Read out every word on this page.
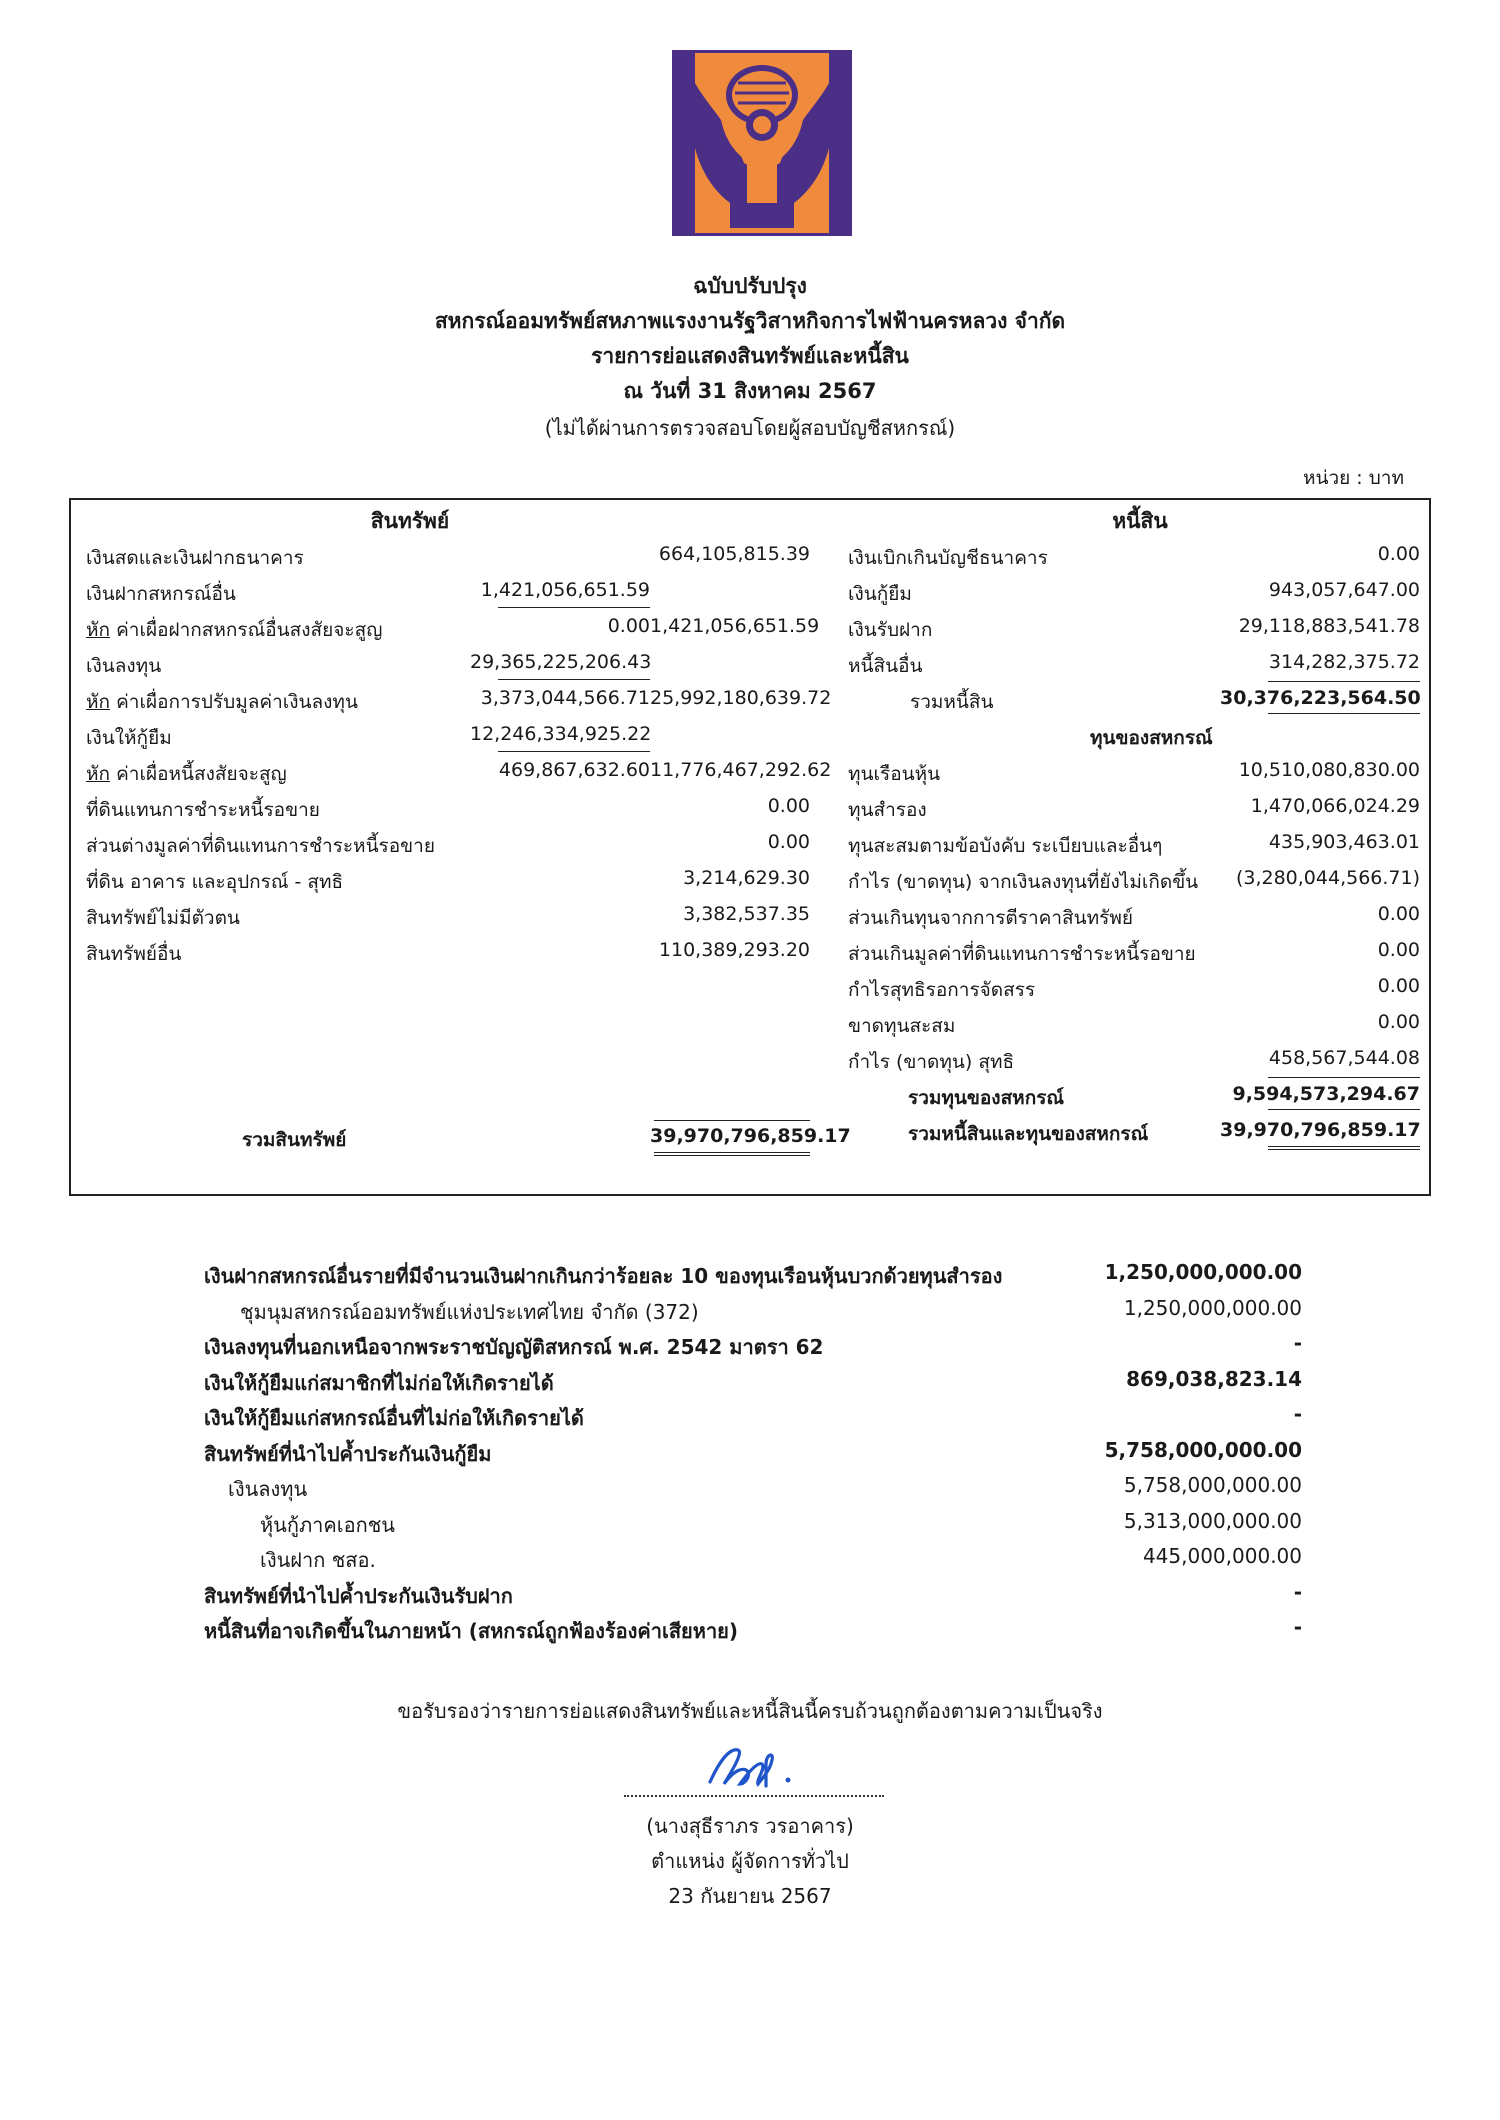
ฉบับปรับปรุง
สหกรณ์ออมทรัพย์สหภาพแรงงานรัฐวิสาหกิจการไฟฟ้านครหลวง จำกัด
รายการย่อแสดงสินทรัพย์และหนี้สิน
ณ วันที่ 31 สิงหาคม 2567
(ไม่ได้ผ่านการตรวจสอบโดยผู้สอบบัญชีสหกรณ์)
หน่วย : บาท
สินทรัพย์	หนี้สิน
เงินสดและเงินฝากธนาคาร	664,105,815.39
เงินฝากสหกรณ์อื่น	1,421,056,651.59
หัก ค่าเผื่อฝากสหกรณ์อื่นสงสัยจะสูญ	0.00 1,421,056,651.59
เงินลงทุน	29,365,225,206.43
หัก ค่าเผื่อการปรับมูลค่าเงินลงทุน	3,373,044,566.71 25,992,180,639.72
เงินให้กู้ยืม	12,246,334,925.22
หัก ค่าเผื่อหนี้สงสัยจะสูญ	469,867,632.60 11,776,467,292.62
ที่ดินแทนการชำระหนี้รอขาย	0.00
ส่วนต่างมูลค่าที่ดินแทนการชำระหนี้รอขาย	0.00
ที่ดิน อาคาร และอุปกรณ์ - สุทธิ	3,214,629.30
สินทรัพย์ไม่มีตัวตน	3,382,537.35
สินทรัพย์อื่น	110,389,293.20
รวมสินทรัพย์	39,970,796,859.17
เงินเบิกเกินบัญชีธนาคาร	0.00
เงินกู้ยืม	943,057,647.00
เงินรับฝาก	29,118,883,541.78
หนี้สินอื่น	314,282,375.72
รวมหนี้สิน	30,376,223,564.50
ทุนของสหกรณ์
ทุนเรือนหุ้น	10,510,080,830.00
ทุนสำรอง	1,470,066,024.29
ทุนสะสมตามข้อบังคับ ระเบียบและอื่นๆ	435,903,463.01
กำไร (ขาดทุน) จากเงินลงทุนที่ยังไม่เกิดขึ้น	(3,280,044,566.71)
ส่วนเกินทุนจากการตีราคาสินทรัพย์	0.00
ส่วนเกินมูลค่าที่ดินแทนการชำระหนี้รอขาย	0.00
กำไรสุทธิรอการจัดสรร	0.00
ขาดทุนสะสม	0.00
กำไร (ขาดทุน) สุทธิ	458,567,544.08
รวมทุนของสหกรณ์	9,594,573,294.67
รวมหนี้สินและทุนของสหกรณ์	39,970,796,859.17
เงินฝากสหกรณ์อื่นรายที่มีจำนวนเงินฝากเกินกว่าร้อยละ 10 ของทุนเรือนหุ้นบวกด้วยทุนสำรอง	1,250,000,000.00
ชุมนุมสหกรณ์ออมทรัพย์แห่งประเทศไทย จำกัด (372)	1,250,000,000.00
เงินลงทุนที่นอกเหนือจากพระราชบัญญัติสหกรณ์ พ.ศ. 2542 มาตรา 62	-
เงินให้กู้ยืมแก่สมาชิกที่ไม่ก่อให้เกิดรายได้	869,038,823.14
เงินให้กู้ยืมแก่สหกรณ์อื่นที่ไม่ก่อให้เกิดรายได้	-
สินทรัพย์ที่นำไปค้ำประกันเงินกู้ยืม	5,758,000,000.00
เงินลงทุน	5,758,000,000.00
หุ้นกู้ภาคเอกชน	5,313,000,000.00
เงินฝาก ชสอ.	445,000,000.00
สินทรัพย์ที่นำไปค้ำประกันเงินรับฝาก	-
หนี้สินที่อาจเกิดขึ้นในภายหน้า (สหกรณ์ถูกฟ้องร้องค่าเสียหาย)	-
ขอรับรองว่ารายการย่อแสดงสินทรัพย์และหนี้สินนี้ครบถ้วนถูกต้องตามความเป็นจริง
(นางสุธีราภร วรอาคาร)
ตำแหน่ง ผู้จัดการทั่วไป
23 กันยายน 2567
